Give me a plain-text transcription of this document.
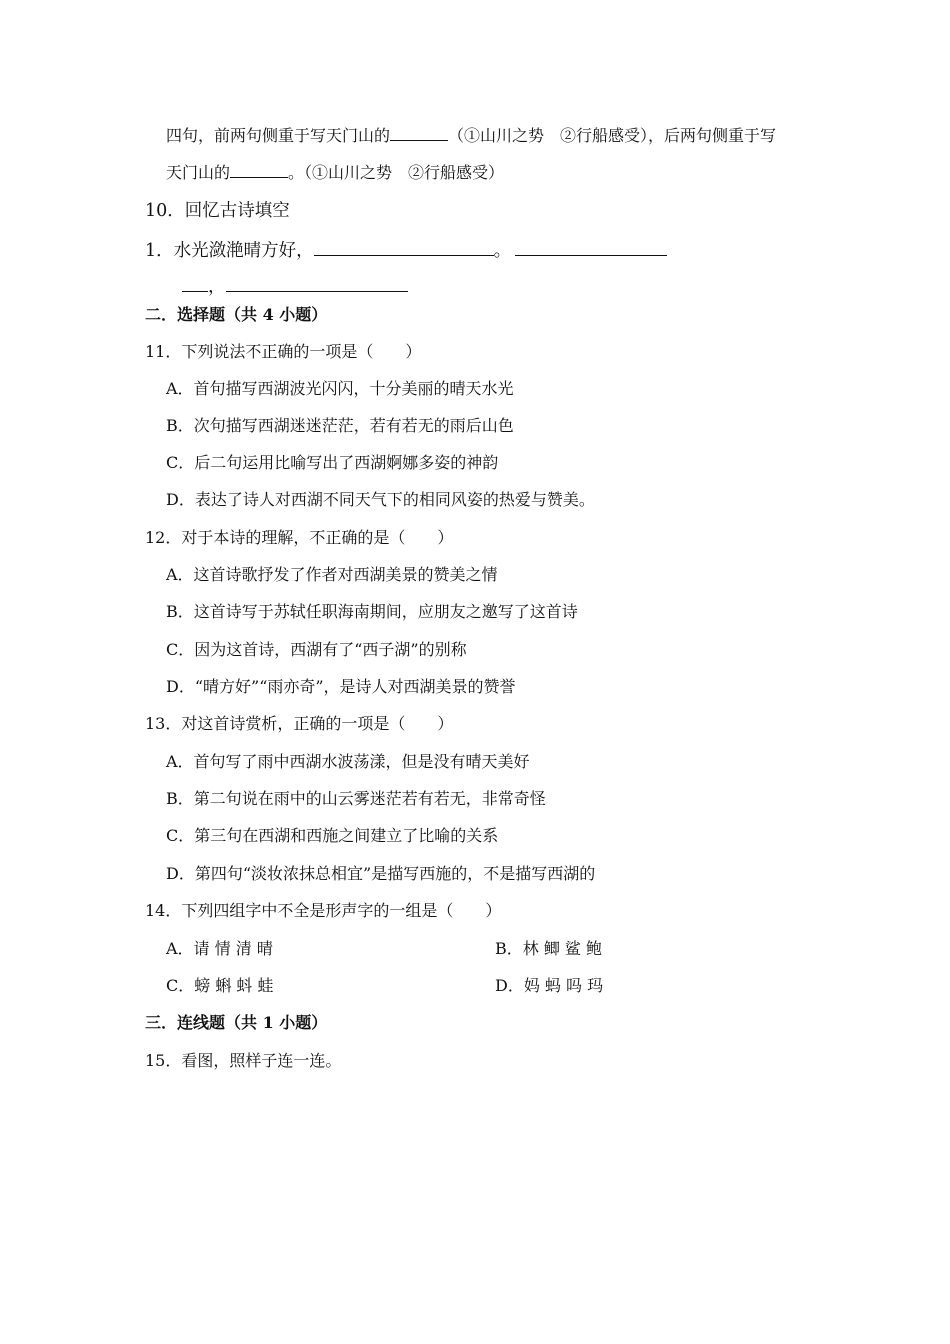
四句，前两句侧重于写天门山的	（①山川之势　②行船感受），后两句侧重于写
天门山的	。（①山川之势　②行船感受）
10．回忆古诗填空
1．水光潋滟晴方好，	。
，
二．选择题（共 4 小题）
11．下列说法不正确的一项是（　　）
A．首句描写西湖波光闪闪，十分美丽的晴天水光
B．次句描写西湖迷迷茫茫，若有若无的雨后山色
C．后二句运用比喻写出了西湖婀娜多姿的神韵
D．表达了诗人对西湖不同天气下的相同风姿的热爱与赞美。
12．对于本诗的理解，不正确的是（　　）
A．这首诗歌抒发了作者对西湖美景的赞美之情
B．这首诗写于苏轼任职海南期间，应朋友之邀写了这首诗
C．因为这首诗，西湖有了“西子湖”的别称
D．“晴方好”“雨亦奇”，是诗人对西湖美景的赞誉
13．对这首诗赏析，正确的一项是（　　）
A．首句写了雨中西湖水波荡漾，但是没有晴天美好
B．第二句说在雨中的山云雾迷茫若有若无，非常奇怪
C．第三句在西湖和西施之间建立了比喻的关系
D．第四句“淡妆浓抹总相宜”是描写西施的，不是描写西湖的
14．下列四组字中不全是形声字的一组是（　　）
A．请 情 清 晴	B．林 鲫 鲨 鲍
C．螃 蝌 蚪 蛙	D．妈 蚂 吗 玛
三．连线题（共 1 小题）
15．看图，照样子连一连。
